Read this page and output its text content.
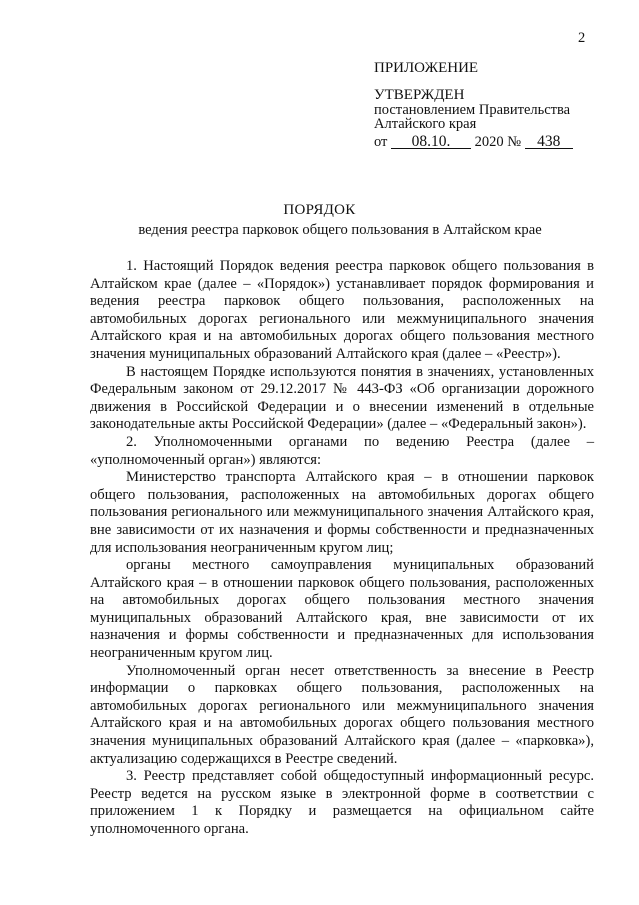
2
ПРИЛОЖЕНИЕ
УТВЕРЖДЕН
постановлением Правительства
Алтайского края
от 08.10. 2020 № 438
ПОРЯДОК
ведения реестра парковок общего пользования в Алтайском крае

1. Настоящий Порядок ведения реестра парковок общего пользования в Алтайском крае (далее – «Порядок») устанавливает порядок формирования и ведения реестра парковок общего пользования, расположенных на автомобильных дорогах регионального или межмуниципального значения Алтайского края и на автомобильных дорогах общего пользования местного значения муниципальных образований Алтайского края (далее – «Реестр»).

В настоящем Порядке используются понятия в значениях, установленных Федеральным законом от 29.12.2017 № 443-ФЗ «Об организации дорожного движения в Российской Федерации и о внесении изменений в отдельные законодательные акты Российской Федерации» (далее – «Федеральный закон»).

2. Уполномоченными органами по ведению Реестра (далее – «уполномоченный орган») являются:

Министерство транспорта Алтайского края – в отношении парковок общего пользования, расположенных на автомобильных дорогах общего пользования регионального или межмуниципального значения Алтайского края, вне зависимости от их назначения и формы собственности и предназначенных для использования неограниченным кругом лиц;

органы местного самоуправления муниципальных образований Алтайского края – в отношении парковок общего пользования, расположенных на автомобильных дорогах общего пользования местного значения муниципальных образований Алтайского края, вне зависимости от их назначения и формы собственности и предназначенных для использования неограниченным кругом лиц.

Уполномоченный орган несет ответственность за внесение в Реестр информации о парковках общего пользования, расположенных на автомобильных дорогах регионального или межмуниципального значения Алтайского края и на автомобильных дорогах общего пользования местного значения муниципальных образований Алтайского края (далее – «парковка»), актуализацию содержащихся в Реестре сведений.

3. Реестр представляет собой общедоступный информационный ресурс. Реестр ведется на русском языке в электронной форме в соответствии с приложением 1 к Порядку и размещается на официальном сайте уполномоченного органа.
